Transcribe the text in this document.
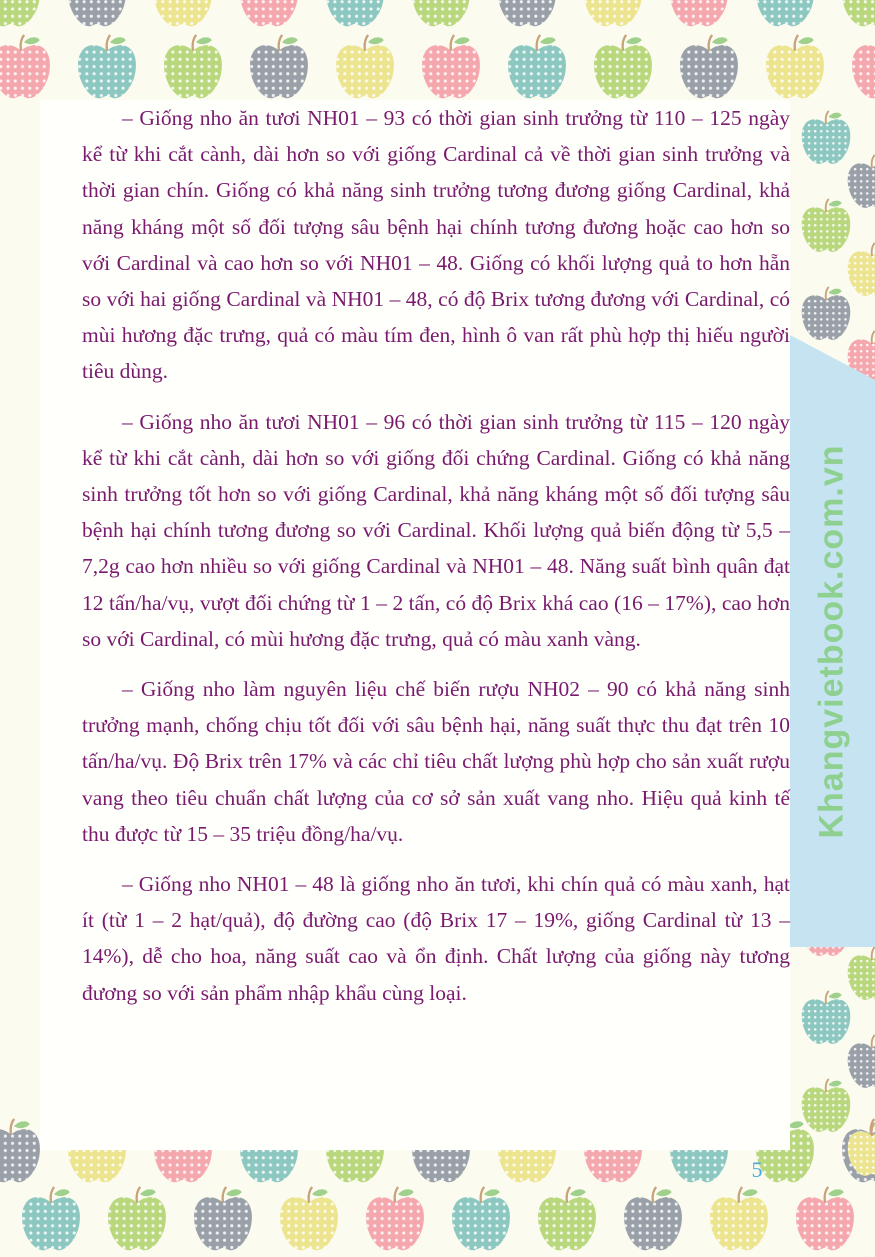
– Giống nho ăn tươi NH01 – 93 có thời gian sinh trưởng từ 110 – 125 ngày kể từ khi cắt cành, dài hơn so với giống Cardinal cả về thời gian sinh trưởng và thời gian chín. Giống có khả năng sinh trưởng tương đương giống Cardinal, khả năng kháng một số đối tượng sâu bệnh hại chính tương đương hoặc cao hơn so với Cardinal và cao hơn so với NH01 – 48. Giống có khối lượng quả to hơn hẵn so với hai giống Cardinal và NH01 – 48, có độ Brix tương đương với Cardinal, có mùi hương đặc trưng, quả có màu tím đen, hình ô van rất phù hợp thị hiếu người tiêu dùng.

– Giống nho ăn tươi NH01 – 96 có thời gian sinh trưởng từ 115 – 120 ngày kể từ khi cắt cành, dài hơn so với giống đối chứng Cardinal. Giống có khả năng sinh trưởng tốt hơn so với giống Cardinal, khả năng kháng một số đối tượng sâu bệnh hại chính tương đương so với Cardinal. Khối lượng quả biến động từ 5,5 – 7,2g cao hơn nhiều so với giống Cardinal và NH01 – 48. Năng suất bình quân đạt 12 tấn/ha/vụ, vượt đối chứng từ 1 – 2 tấn, có độ Brix khá cao (16 – 17%), cao hơn so với Cardinal, có mùi hương đặc trưng, quả có màu xanh vàng.

– Giống nho làm nguyên liệu chế biến rượu NH02 – 90 có khả năng sinh trưởng mạnh, chống chịu tốt đối với sâu bệnh hại, năng suất thực thu đạt trên 10 tấn/ha/vụ. Độ Brix trên 17% và các chỉ tiêu chất lượng phù hợp cho sản xuất rượu vang theo tiêu chuẩn chất lượng của cơ sở sản xuất vang nho. Hiệu quả kinh tế thu được từ 15 – 35 triệu đồng/ha/vụ.

– Giống nho NH01 – 48 là giống nho ăn tươi, khi chín quả có màu xanh, hạt ít (từ 1 – 2 hạt/quả), độ đường cao (độ Brix 17 – 19%, giống Cardinal từ 13 – 14%), dễ cho hoa, năng suất cao và ổn định. Chất lượng của giống này tương đương so với sản phẩm nhập khẩu cùng loại.

Khangvietbook.com.vn
5
